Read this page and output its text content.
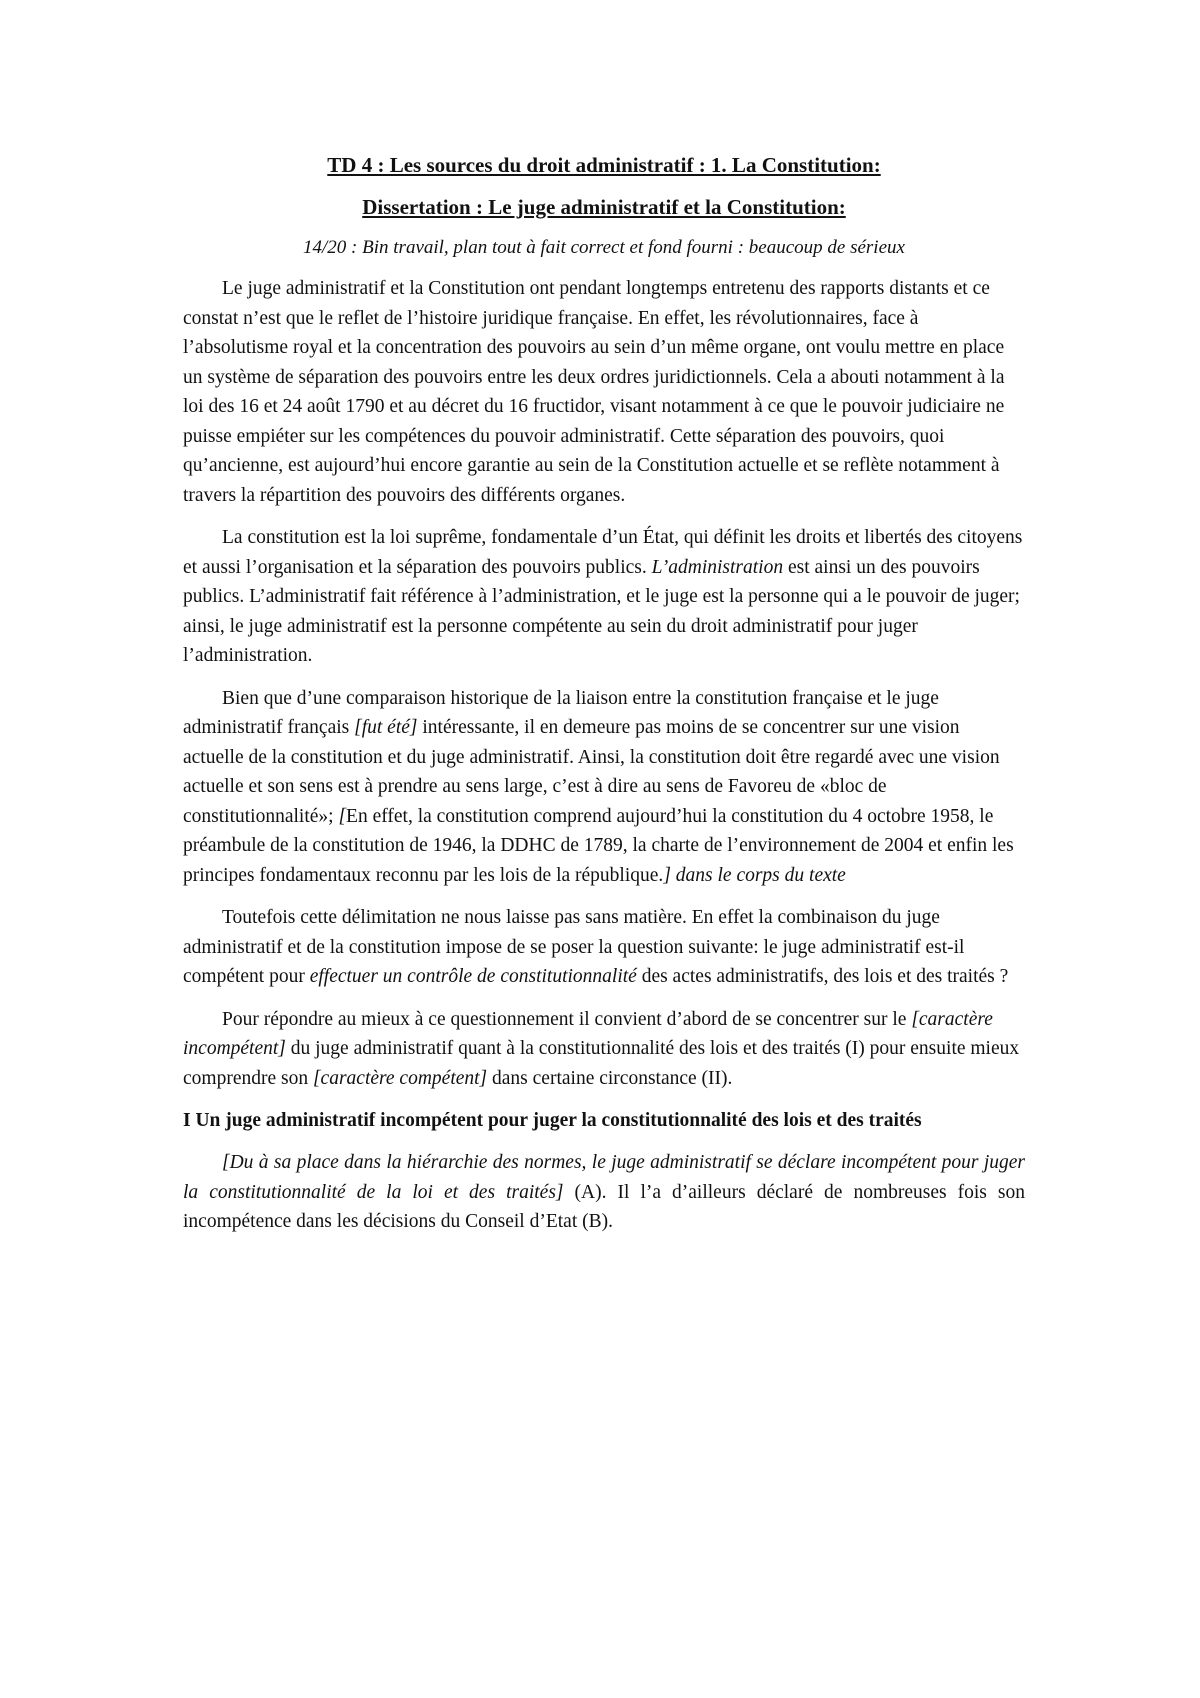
TD 4 : Les sources du droit administratif : 1. La Constitution:
Dissertation : Le juge administratif et la Constitution:

14/20 : Bin travail, plan tout à fait correct et fond fourni : beaucoup de sérieux

Le juge administratif et la Constitution ont pendant longtemps entretenu des rapports distants et ce constat n’est que le reflet de l’histoire juridique française. En effet, les révolutionnaires, face à l’absolutisme royal et la concentration des pouvoirs au sein d’un même organe, ont voulu mettre en place un système de séparation des pouvoirs entre les deux ordres juridictionnels. Cela a abouti notamment à la loi des 16 et 24 août 1790 et au décret du 16 fructidor, visant notamment à ce que le pouvoir judiciaire ne puisse empiéter sur les compétences du pouvoir administratif. Cette séparation des pouvoirs, quoi qu’ancienne, est aujourd’hui encore garantie au sein de la Constitution actuelle et se reflète notamment à travers la répartition des pouvoirs des différents organes.

La constitution est la loi suprême, fondamentale d’un État, qui définit les droits et libertés des citoyens et aussi l’organisation et la séparation des pouvoirs publics. L’administration est ainsi un des pouvoirs publics. L’administratif fait référence à l’administration, et le juge est la personne qui a le pouvoir de juger; ainsi, le juge administratif est la personne compétente au sein du droit administratif pour juger l’administration.

Bien que d’une comparaison historique de la liaison entre la constitution française et le juge administratif français [fut été] intéressante, il en demeure pas moins de se concentrer sur une vision actuelle de la constitution et du juge administratif. Ainsi, la constitution doit être regardé avec une vision actuelle et son sens est à prendre au sens large, c’est à dire au sens de Favoreu de «bloc de constitutionnalité»; [En effet, la constitution comprend aujourd’hui la constitution du 4 octobre 1958, le préambule de la constitution de 1946, la DDHC de 1789, la charte de l’environnement de 2004 et enfin les principes fondamentaux reconnu par les lois de la république.] dans le corps du texte

Toutefois cette délimitation ne nous laisse pas sans matière. En effet la combinaison du juge administratif et de la constitution impose de se poser la question suivante: le juge administratif est-il compétent pour effectuer un contrôle de constitutionnalité des actes administratifs, des lois et des traités ?

Pour répondre au mieux à ce questionnement il convient d’abord de se concentrer sur le [caractère incompétent] du juge administratif quant à la constitutionnalité des lois et des traités (I) pour ensuite mieux comprendre son [caractère compétent] dans certaine circonstance (II).

I Un juge administratif incompétent pour juger la constitutionnalité des lois et des traités

[Du à sa place dans la hiérarchie des normes, le juge administratif se déclare incompétent pour juger la constitutionnalité de la loi et des traités] (A). Il l’a d’ailleurs déclaré de nombreuses fois son incompétence dans les décisions du Conseil d’Etat (B).
